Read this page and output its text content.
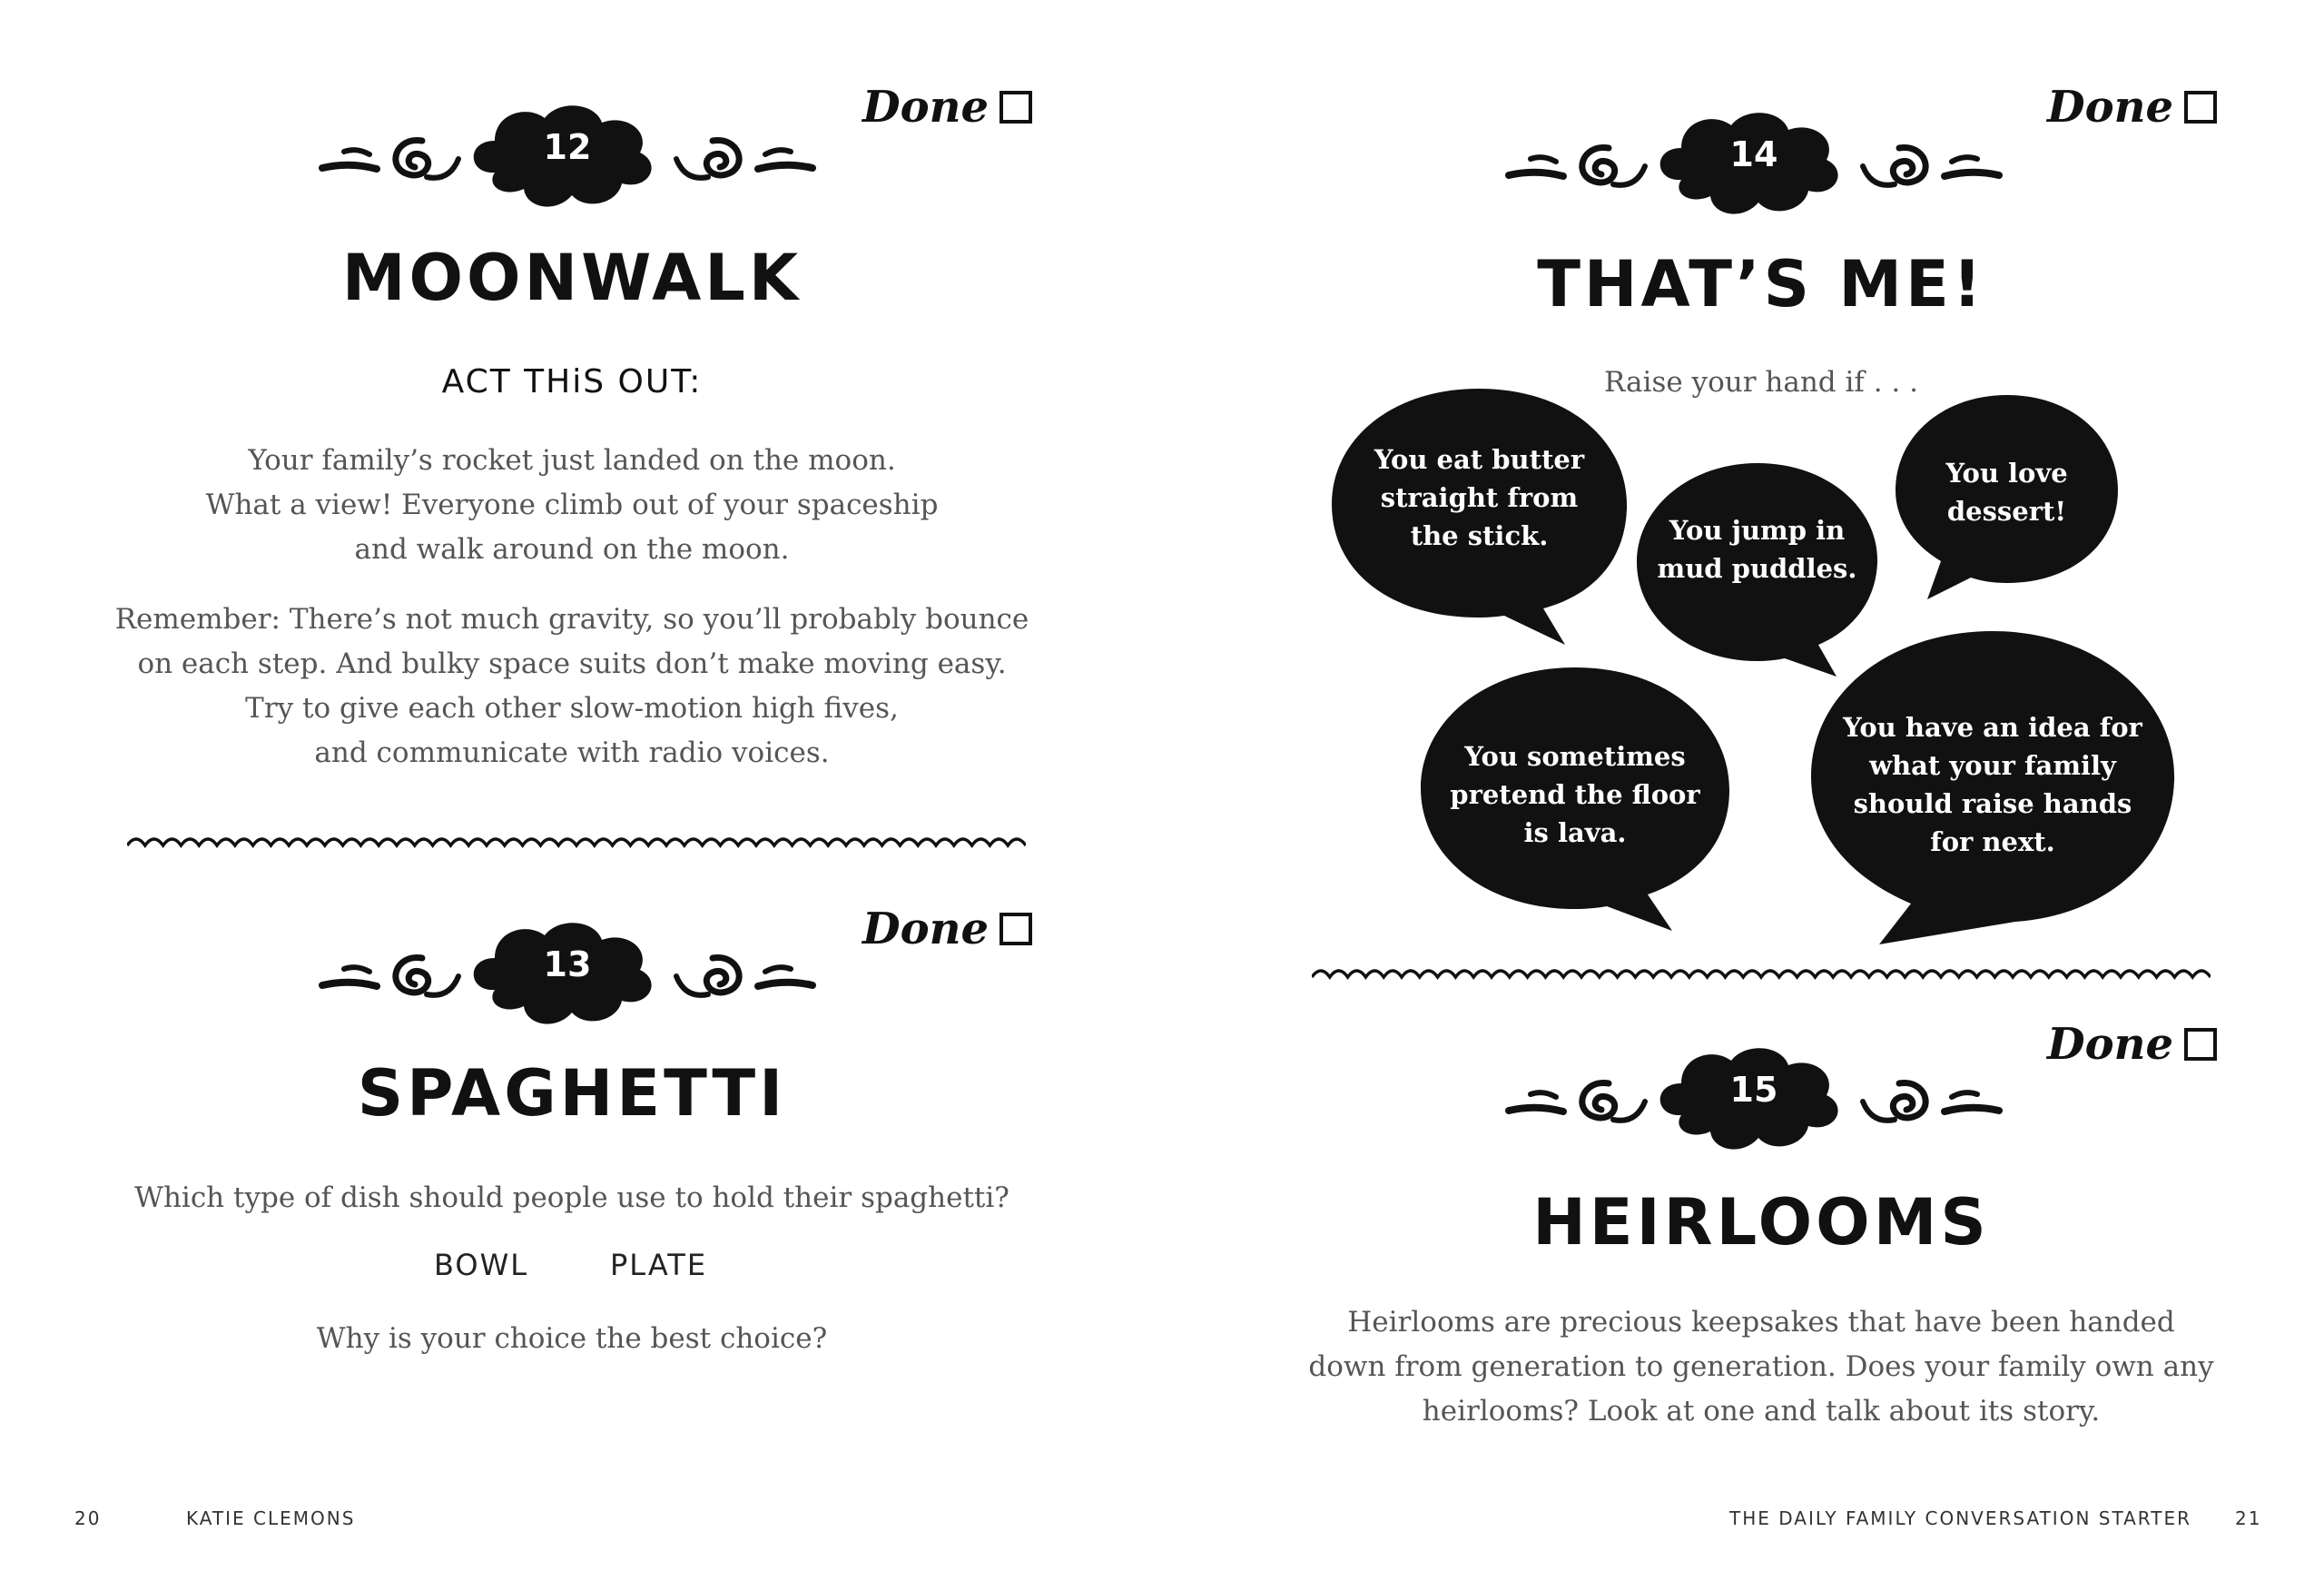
Done
12
MOONWALK
ACT THiS OUT:
Your family’s rocket just landed on the moon.
What a view! Everyone climb out of your spaceship
and walk around on the moon.
Remember: There’s not much gravity, so you’ll probably bounce
on each step. And bulky space suits don’t make moving easy.
Try to give each other slow-motion high fives,
and communicate with radio voices.
Done
13
SPAGHETTI
Which type of dish should people use to hold their spaghetti?
BOWL	PLATE
Why is your choice the best choice?
20	KATIE CLEMONS
Done
14
THAT’S ME!
Raise your hand if . . .
You eat butter
straight from
the stick.	You jump in
mud puddles.
You love
dessert!
You sometimes
pretend the floor
is lava.
You have an idea for
what your family
should raise hands
for next.
Done
15
HEIRLOOMS
Heirlooms are precious keepsakes that have been handed
down from generation to generation. Does your family own any
heirlooms? Look at one and talk about its story.
THE DAILY FAMILY CONVERSATION STARTER 21
